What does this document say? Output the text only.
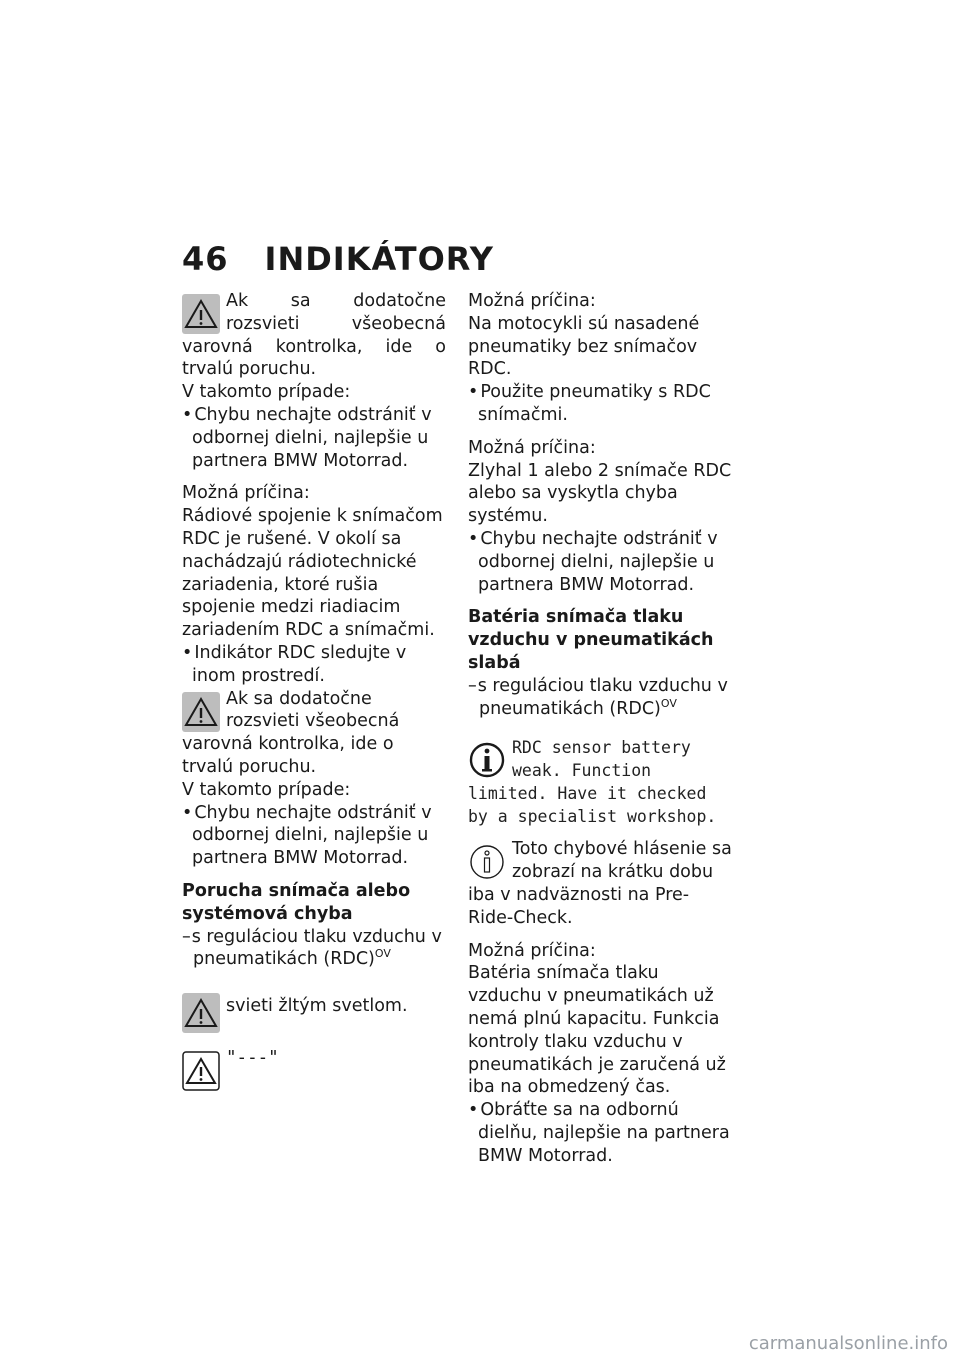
46 INDIKÁTORY

Ak sa dodatočne rozsvieti všeobecná varovná kontrolka, ide o trvalú poruchu.

V takomto prípade:

• Chybu nechajte odstrániť v odbornej dielni, najlepšie u partnera BMW Motorrad.

Možná príčina:

Rádiové spojenie k snímačom RDC je rušené. V okolí sa nachádzajú rádiotechnické zariadenia, ktoré rušia spojenie medzi riadiacim zariadením RDC a snímačmi.

• Indikátor RDC sledujte v inom prostredí.

Ak sa dodatočne rozsvieti všeobecná varovná kontrolka, ide o trvalú poruchu.

V takomto prípade:

• Chybu nechajte odstrániť v odbornej dielni, najlepšie u partnera BMW Motorrad.

Porucha snímača alebo systémová chyba

– s reguláciou tlaku vzduchu v pneumatikách (RDC)$^{OV}$

svieti žltým svetlom.

"---"

Možná príčina:

Na motocykli sú nasadené pneumatiky bez snímačov RDC.

• Použite pneumatiky s RDC snímačmi.

Možná príčina:

Zlyhal 1 alebo 2 snímače RDC alebo sa vyskytla chyba systému.

• Chybu nechajte odstrániť v odbornej dielni, najlepšie u partnera BMW Motorrad.

Batéria snímača tlaku vzduchu v pneumatikách slabá

– s reguláciou tlaku vzduchu v pneumatikách (RDC)$^{OV}$

RDC sensor battery weak. Function limited. Have it checked by a specialist workshop.

Toto chybové hlásenie sa zobrazí na krátku dobu iba v nadväznosti na Pre-Ride-Check.

Možná príčina:

Batéria snímača tlaku vzduchu v pneumatikách už nemá plnú kapacitu. Funkcia kontroly tlaku vzduchu v pneumatikách je zaručená už iba na obmedzený čas.

• Obráťte sa na odbornú dielňu, najlepšie na partnera BMW Motorrad.

carmanualsonline.info
